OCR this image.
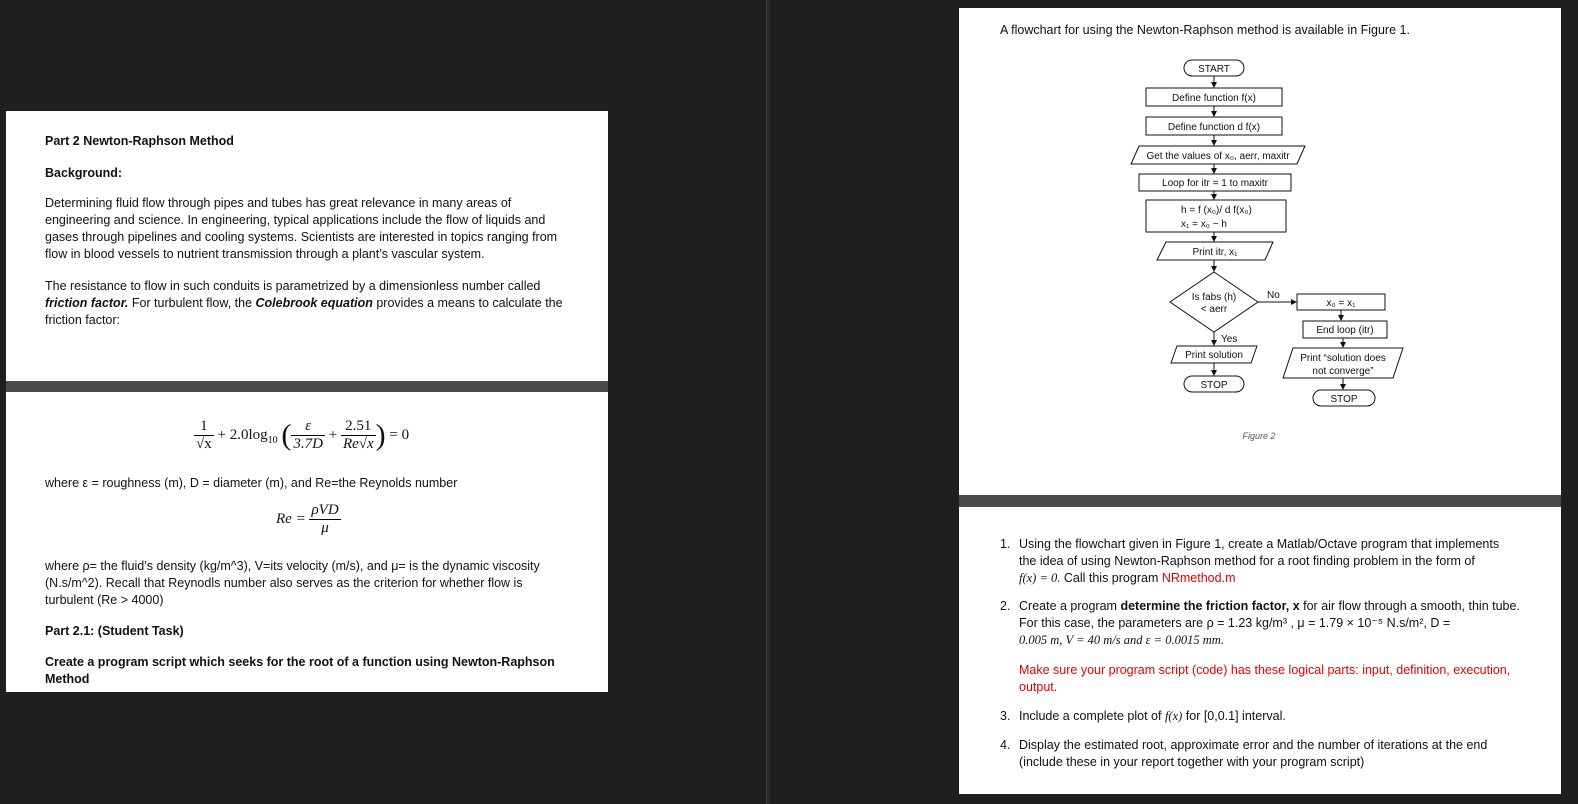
Part 2 Newton-Raphson Method
Background:
Determining fluid flow through pipes and tubes has great relevance in many areas of
engineering and science. In engineering, typical applications include the flow of liquids and
gases through pipelines and cooling systems. Scientists are interested in topics ranging from
flow in blood vessels to nutrient transmission through a plant’s vascular system.
The resistance to flow in such conduits is parametrized by a dimensionless number called
friction factor. For turbulent flow, the Colebrook equation provides a means to calculate the
friction factor:
$\frac{1}{√x} + 2.0\log_{10}$ ( $\frac{\varepsilon}{3.7D} + \frac{2.51}{Re√x}$ ) = 0
where ε = roughness (m), D = diameter (m), and Re=the Reynolds number
$Re = \frac{\text{ρVD}}{\mu}$
where ρ= the fluid’s density (kg/m^3), V=its velocity (m/s), and μ= is the dynamic viscosity
(N.s/m^2). Recall that Reynodls number also serves as the criterion for whether flow is
turbulent (Re > 4000)
Part 2.1: (Student Task)
Create a program script which seeks for the root of a function using Newton-Raphson
Method
A flowchart for using the Newton-Raphson method is available in Figure 1.
START
Define function f(x)
Define function d f(x)
Get the values of x₀, aerr, maxitr
Loop for itr = 1 to maxitr
h = f (x₀)/ d f(x₀)
x₁ = x₀ − h
Print itr, x₁
Is fabs (h)
< aerr
No
x₀ = x₁
End loop (itr)
Print “solution does
not converge”
STOP
Yes
Print solution
STOP
Figure 2
1. Using the flowchart given in Figure 1, create a Matlab/Octave program that implements
the idea of using Newton-Raphson method for a root finding problem in the form of
f(x) = 0. Call this program NRmethod.m
2. Create a program determine the friction factor, x for air flow through a smooth, thin tube.
For this case, the parameters are ρ = 1.23 kg/m³ , μ = 1.79 × 10⁻⁵ N.s/m², D =
0.005 m, V = 40 m/s and ε = 0.0015 mm.
Make sure your program script (code) has these logical parts: input, definition, execution,
output.
3. Include a complete plot of f(x) for [0,0.1] interval.
4. Display the estimated root, approximate error and the number of iterations at the end
(include these in your report together with your program script)
